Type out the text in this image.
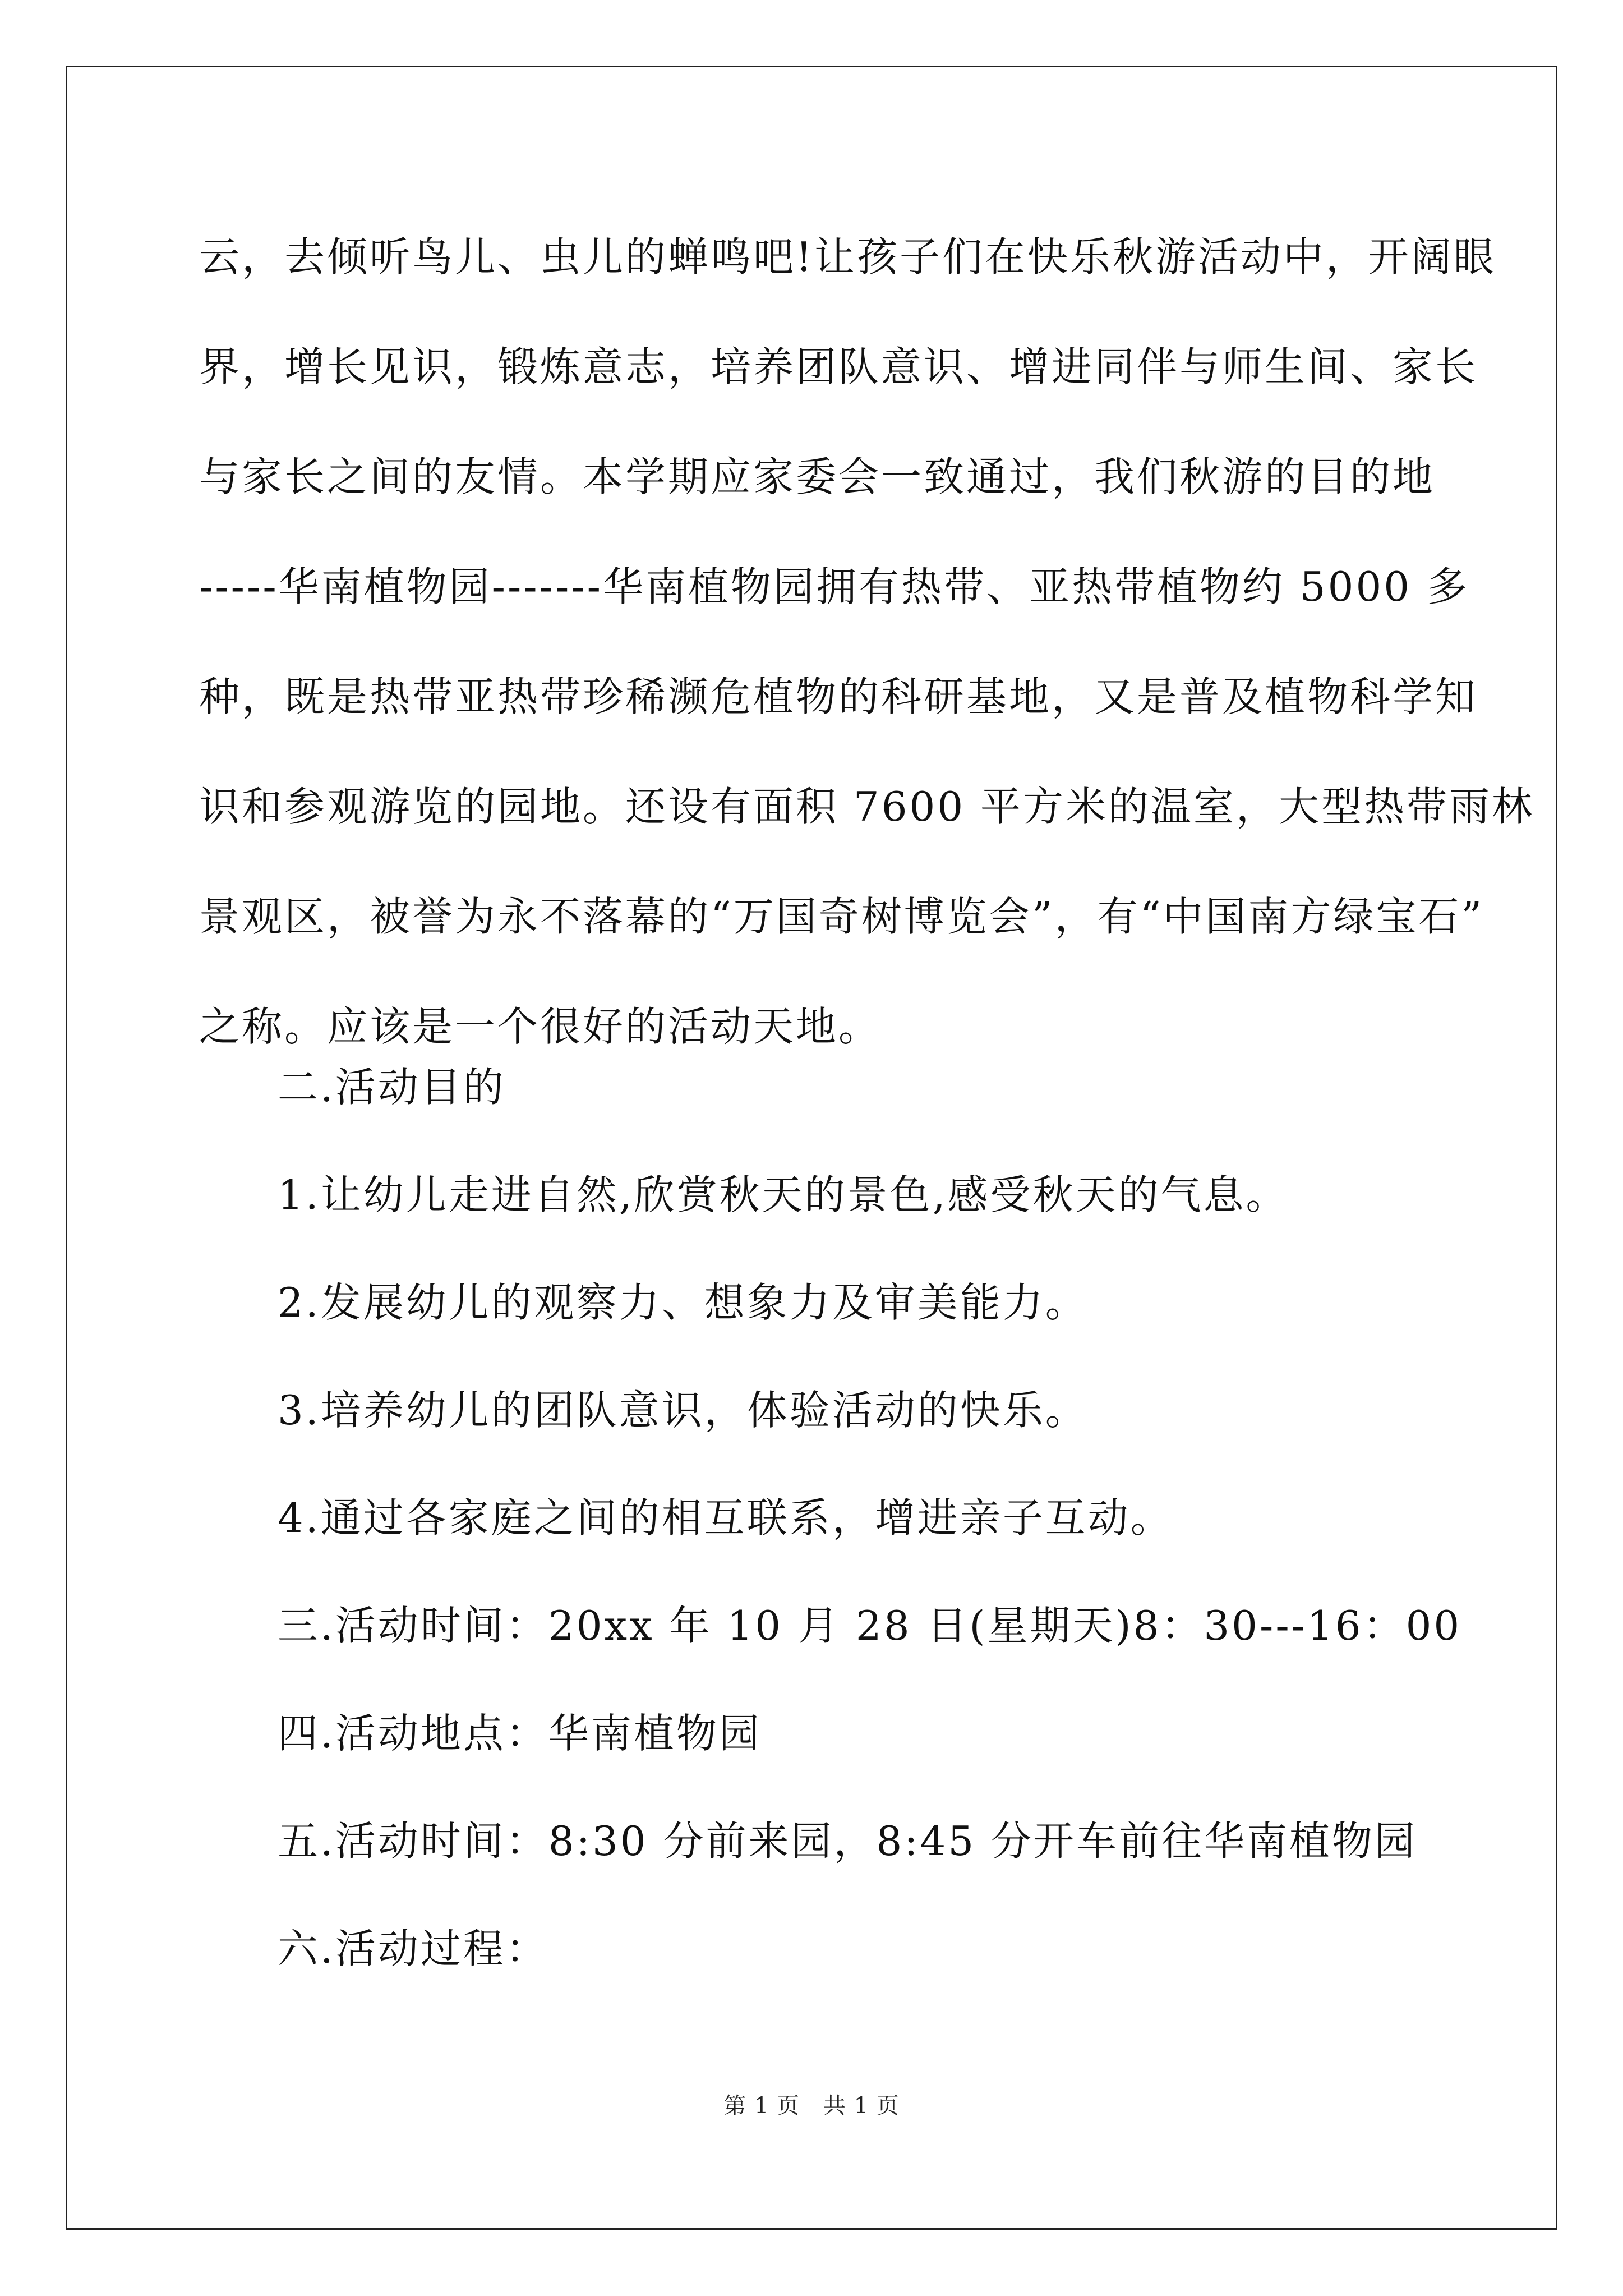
云，去倾听鸟儿、虫儿的蝉鸣吧!让孩子们在快乐秋游活动中，开阔眼
界，增长见识，锻炼意志，培养团队意识、增进同伴与师生间、家长
与家长之间的友情。本学期应家委会一致通过，我们秋游的目的地
-----华南植物园-------华南植物园拥有热带、亚热带植物约 5000 多
种，既是热带亚热带珍稀濒危植物的科研基地，又是普及植物科学知
识和参观游览的园地。还设有面积 7600 平方米的温室，大型热带雨林
景观区，被誉为永不落幕的“万国奇树博览会”，有“中国南方绿宝石”
之称。应该是一个很好的活动天地。

二.活动目的

1.让幼儿走进自然,欣赏秋天的景色,感受秋天的气息。

2.发展幼儿的观察力、想象力及审美能力。

3.培养幼儿的团队意识，体验活动的快乐。

4.通过各家庭之间的相互联系，增进亲子互动。

三.活动时间：20xx 年 10 月 28 日(星期天)8：30---16：00

四.活动地点：华南植物园

五.活动时间：8:30 分前来园，8:45 分开车前往华南植物园

六.活动过程：

第 1 页 共 1 页
